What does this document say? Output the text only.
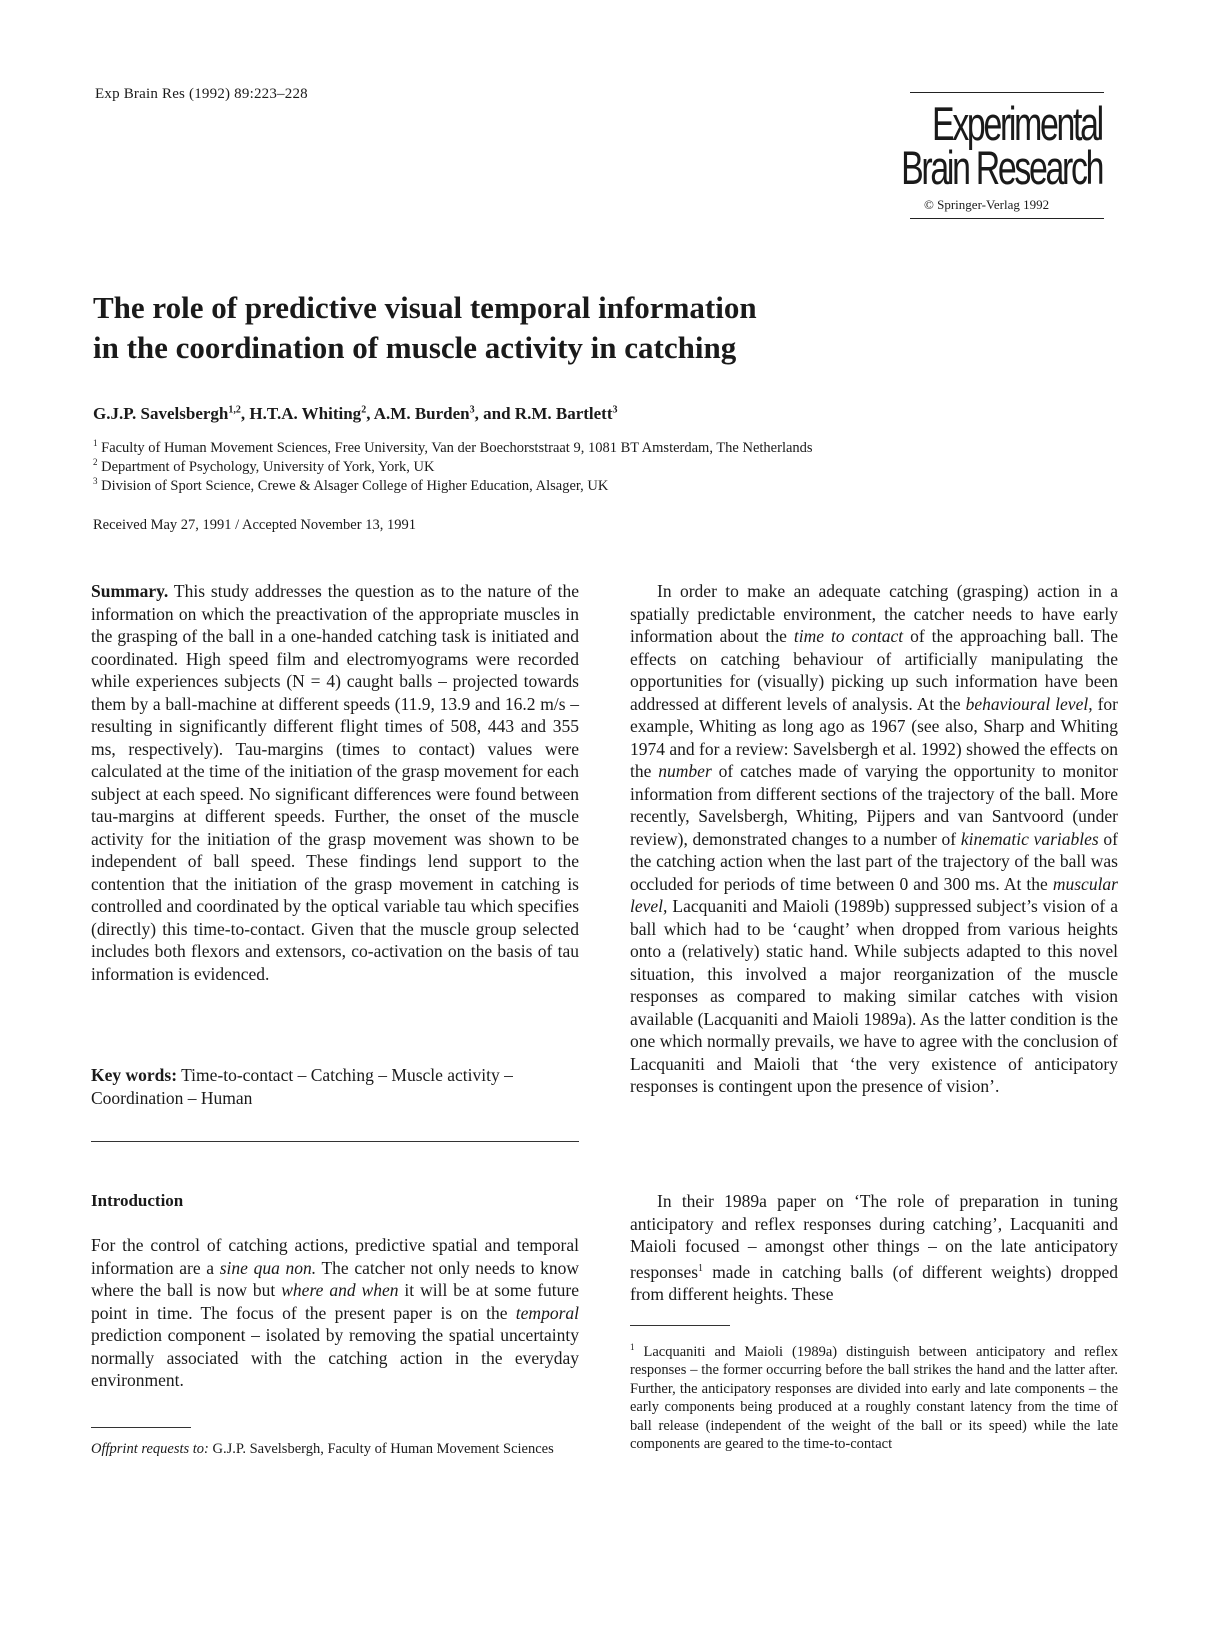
Exp Brain Res (1992) 89:223–228
Experimental
Brain Research
© Springer-Verlag 1992
The role of predictive visual temporal information
in the coordination of muscle activity in catching
G.J.P. Savelsbergh$^{1,2}$, H.T.A. Whiting$^2$, A.M. Burden$^3$, and R.M. Bartlett$^3$
$^1$ Faculty of Human Movement Sciences, Free University, Van der Boechorststraat 9, 1081 BT Amsterdam, The Netherlands
$^2$ Department of Psychology, University of York, York, UK
$^3$ Division of Sport Science, Crewe & Alsager College of Higher Education, Alsager, UK
Received May 27, 1991 / Accepted November 13, 1991

Summary. This study addresses the question as to the nature of the information on which the preactivation of the appropriate muscles in the grasping of the ball in a one-handed catching task is initiated and coordinated. High speed film and electromyograms were recorded while experiences subjects (N = 4) caught balls – projected towards them by a ball-machine at different speeds (11.9, 13.9 and 16.2 m/s – resulting in significantly different flight times of 508, 443 and 355 ms, respectively). Tau-margins (times to contact) values were calculated at the time of the initiation of the grasp movement for each subject at each speed. No significant differences were found between tau-margins at different speeds. Further, the onset of the muscle activity for the initiation of the grasp movement was shown to be independent of ball speed. These findings lend support to the contention that the initiation of the grasp movement in catching is controlled and coordinated by the optical variable tau which specifies (directly) this time-to-contact. Given that the muscle group selected includes both flexors and extensors, co-activation on the basis of tau information is evidenced.

Key words: Time-to-contact – Catching – Muscle activity – Coordination – Human

Introduction

For the control of catching actions, predictive spatial and temporal information are a sine qua non. The catcher not only needs to know where the ball is now but where and when it will be at some future point in time. The focus of the present paper is on the temporal prediction component – isolated by removing the spatial uncertainty normally associated with the catching action in the everyday environment.

Offprint requests to: G.J.P. Savelsbergh, Faculty of Human Movement Sciences

In order to make an adequate catching (grasping) action in a spatially predictable environment, the catcher needs to have early information about the time to contact of the approaching ball. The effects on catching behaviour of artificially manipulating the opportunities for (visually) picking up such information have been addressed at different levels of analysis. At the behavioural level, for example, Whiting as long ago as 1967 (see also, Sharp and Whiting 1974 and for a review: Savelsbergh et al. 1992) showed the effects on the number of catches made of varying the opportunity to monitor information from different sections of the trajectory of the ball. More recently, Savelsbergh, Whiting, Pijpers and van Santvoord (under review), demonstrated changes to a number of kinematic variables of the catching action when the last part of the trajectory of the ball was occluded for periods of time between 0 and 300 ms. At the muscular level, Lacquaniti and Maioli (1989b) suppressed subject’s vision of a ball which had to be ‘caught’ when dropped from various heights onto a (relatively) static hand. While subjects adapted to this novel situation, this involved a major reorganization of the muscle responses as compared to making similar catches with vision available (Lacquaniti and Maioli 1989a). As the latter condition is the one which normally prevails, we have to agree with the conclusion of Lacquaniti and Maioli that ‘the very existence of anticipatory responses is contingent upon the presence of vision’.

In their 1989a paper on ‘The role of preparation in tuning anticipatory and reflex responses during catching’, Lacquaniti and Maioli focused – amongst other things – on the late anticipatory responses$^1$ made in catching balls (of different weights) dropped from different heights. These

$^1$ Lacquaniti and Maioli (1989a) distinguish between anticipatory and reflex responses – the former occurring before the ball strikes the hand and the latter after. Further, the anticipatory responses are divided into early and late components – the early components being produced at a roughly constant latency from the time of ball release (independent of the weight of the ball or its speed) while the late components are geared to the time-to-contact
